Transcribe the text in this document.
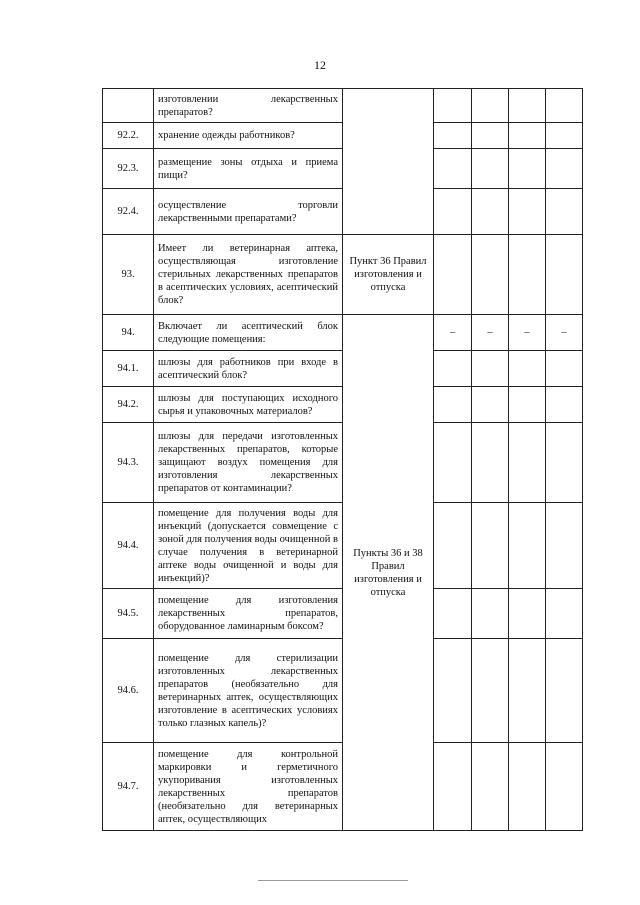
12
	изготовлении лекарственных препаратов?					
92.2.	хранение одежды работников?					
92.3.	размещение зоны отдыха и приема пищи?					
92.4.	осуществление торговли лекарственными препаратами?					
93.	Имеет ли ветеринарная аптека, осуществляющая изготовление стерильных лекарственных препаратов в асептических условиях, асептический блок?	Пункт 36 Правил изготовления и отпуска				
94.	Включает ли асептический блок следующие помещения:	Пункты 36 и 38 Правил изготовления и отпуска	–	–	–	–
94.1.	шлюзы для работников при входе в асептический блок?					
94.2.	шлюзы для поступающих исходного сырья и упаковочных материалов?					
94.3.	шлюзы для передачи изготовленных лекарственных препаратов, которые защищают воздух помещения для изготовления лекарственных препаратов от контаминации?					
94.4.	помещение для получения воды для инъекций (допускается совмещение с зоной для получения воды очищенной в случае получения в ветеринарной аптеке воды очищенной и воды для инъекций)?					
94.5.	помещение для изготовления лекарственных препаратов, оборудованное ламинарным боксом?					
94.6.	помещение для стерилизации изготовленных лекарственных препаратов (необязательно для ветеринарных аптек, осуществляющих изготовление в асептических условиях только глазных капель)?					
94.7.	помещение для контрольной маркировки и герметичного укупоривания изготовленных лекарственных препаратов (необязательно для ветеринарных аптек, осуществляющих					
